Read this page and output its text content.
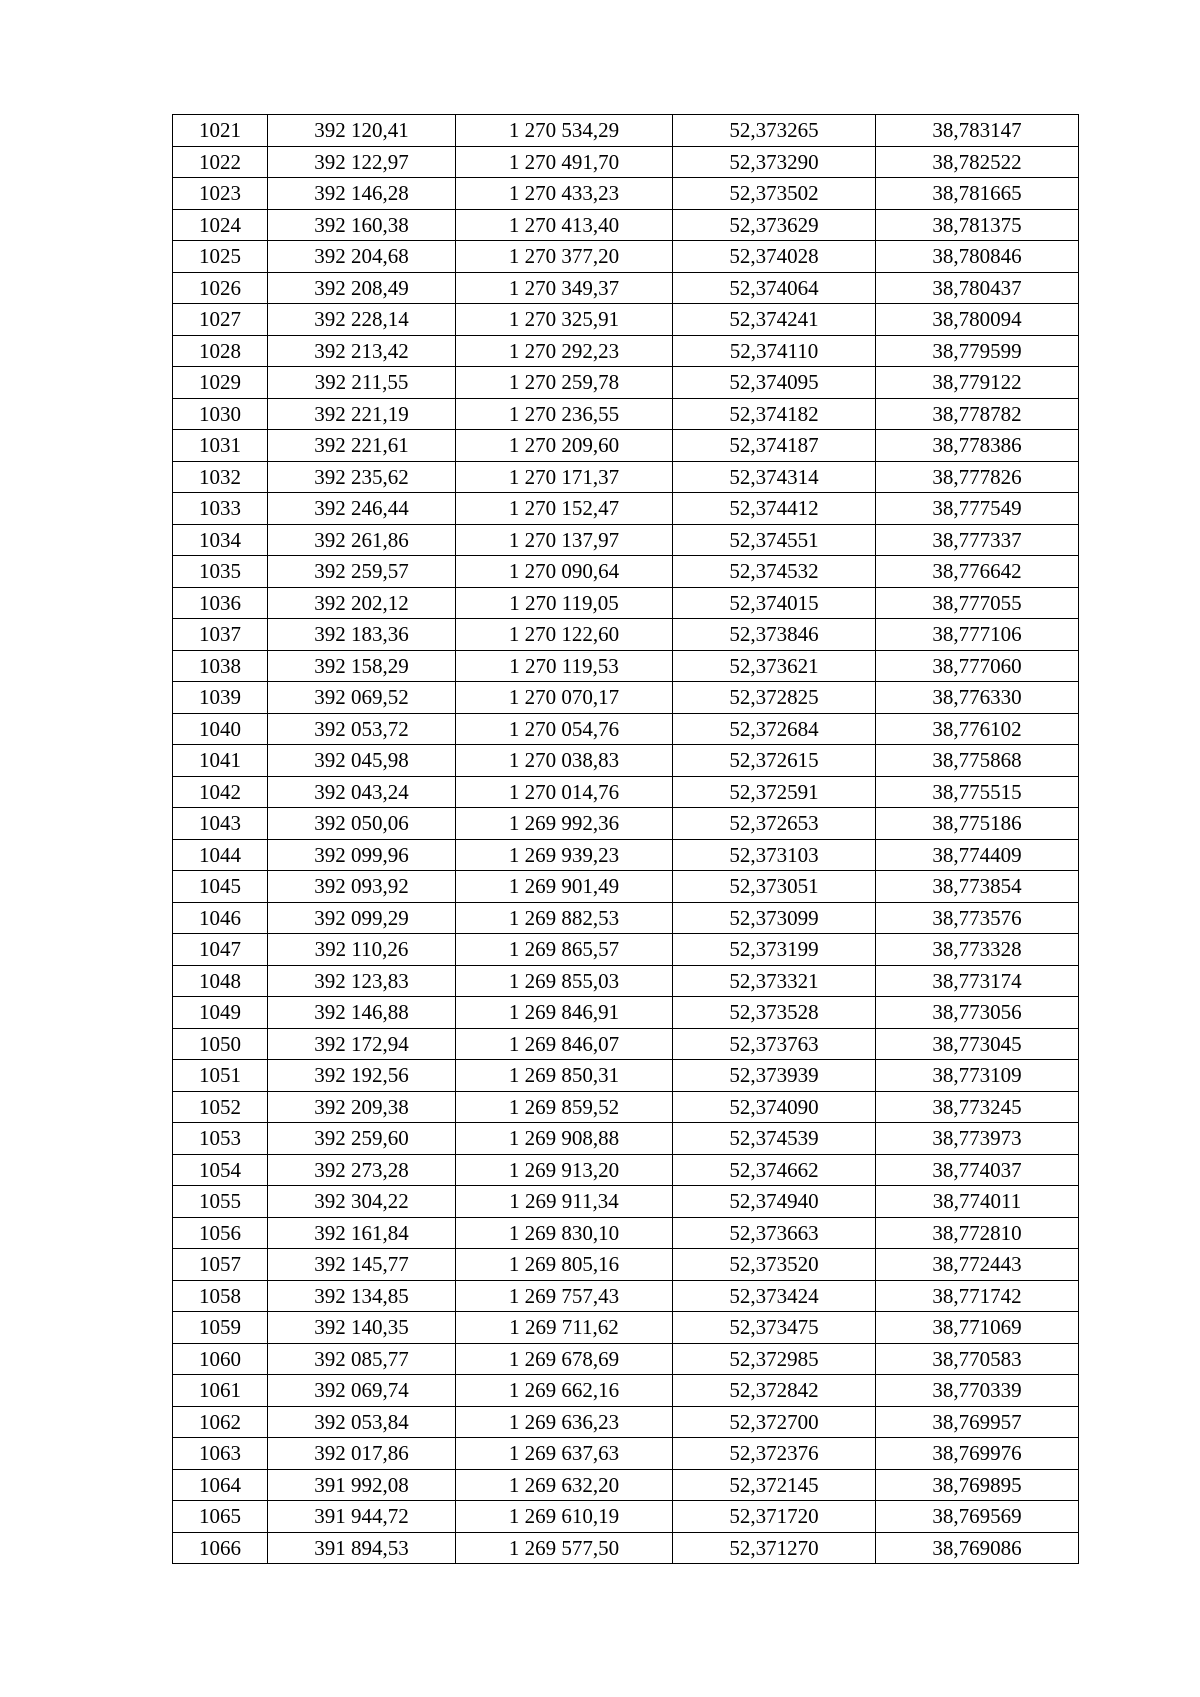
1021	392 120,41	1 270 534,29	52,373265	38,783147
1022	392 122,97	1 270 491,70	52,373290	38,782522
1023	392 146,28	1 270 433,23	52,373502	38,781665
1024	392 160,38	1 270 413,40	52,373629	38,781375
1025	392 204,68	1 270 377,20	52,374028	38,780846
1026	392 208,49	1 270 349,37	52,374064	38,780437
1027	392 228,14	1 270 325,91	52,374241	38,780094
1028	392 213,42	1 270 292,23	52,374110	38,779599
1029	392 211,55	1 270 259,78	52,374095	38,779122
1030	392 221,19	1 270 236,55	52,374182	38,778782
1031	392 221,61	1 270 209,60	52,374187	38,778386
1032	392 235,62	1 270 171,37	52,374314	38,777826
1033	392 246,44	1 270 152,47	52,374412	38,777549
1034	392 261,86	1 270 137,97	52,374551	38,777337
1035	392 259,57	1 270 090,64	52,374532	38,776642
1036	392 202,12	1 270 119,05	52,374015	38,777055
1037	392 183,36	1 270 122,60	52,373846	38,777106
1038	392 158,29	1 270 119,53	52,373621	38,777060
1039	392 069,52	1 270 070,17	52,372825	38,776330
1040	392 053,72	1 270 054,76	52,372684	38,776102
1041	392 045,98	1 270 038,83	52,372615	38,775868
1042	392 043,24	1 270 014,76	52,372591	38,775515
1043	392 050,06	1 269 992,36	52,372653	38,775186
1044	392 099,96	1 269 939,23	52,373103	38,774409
1045	392 093,92	1 269 901,49	52,373051	38,773854
1046	392 099,29	1 269 882,53	52,373099	38,773576
1047	392 110,26	1 269 865,57	52,373199	38,773328
1048	392 123,83	1 269 855,03	52,373321	38,773174
1049	392 146,88	1 269 846,91	52,373528	38,773056
1050	392 172,94	1 269 846,07	52,373763	38,773045
1051	392 192,56	1 269 850,31	52,373939	38,773109
1052	392 209,38	1 269 859,52	52,374090	38,773245
1053	392 259,60	1 269 908,88	52,374539	38,773973
1054	392 273,28	1 269 913,20	52,374662	38,774037
1055	392 304,22	1 269 911,34	52,374940	38,774011
1056	392 161,84	1 269 830,10	52,373663	38,772810
1057	392 145,77	1 269 805,16	52,373520	38,772443
1058	392 134,85	1 269 757,43	52,373424	38,771742
1059	392 140,35	1 269 711,62	52,373475	38,771069
1060	392 085,77	1 269 678,69	52,372985	38,770583
1061	392 069,74	1 269 662,16	52,372842	38,770339
1062	392 053,84	1 269 636,23	52,372700	38,769957
1063	392 017,86	1 269 637,63	52,372376	38,769976
1064	391 992,08	1 269 632,20	52,372145	38,769895
1065	391 944,72	1 269 610,19	52,371720	38,769569
1066	391 894,53	1 269 577,50	52,371270	38,769086
